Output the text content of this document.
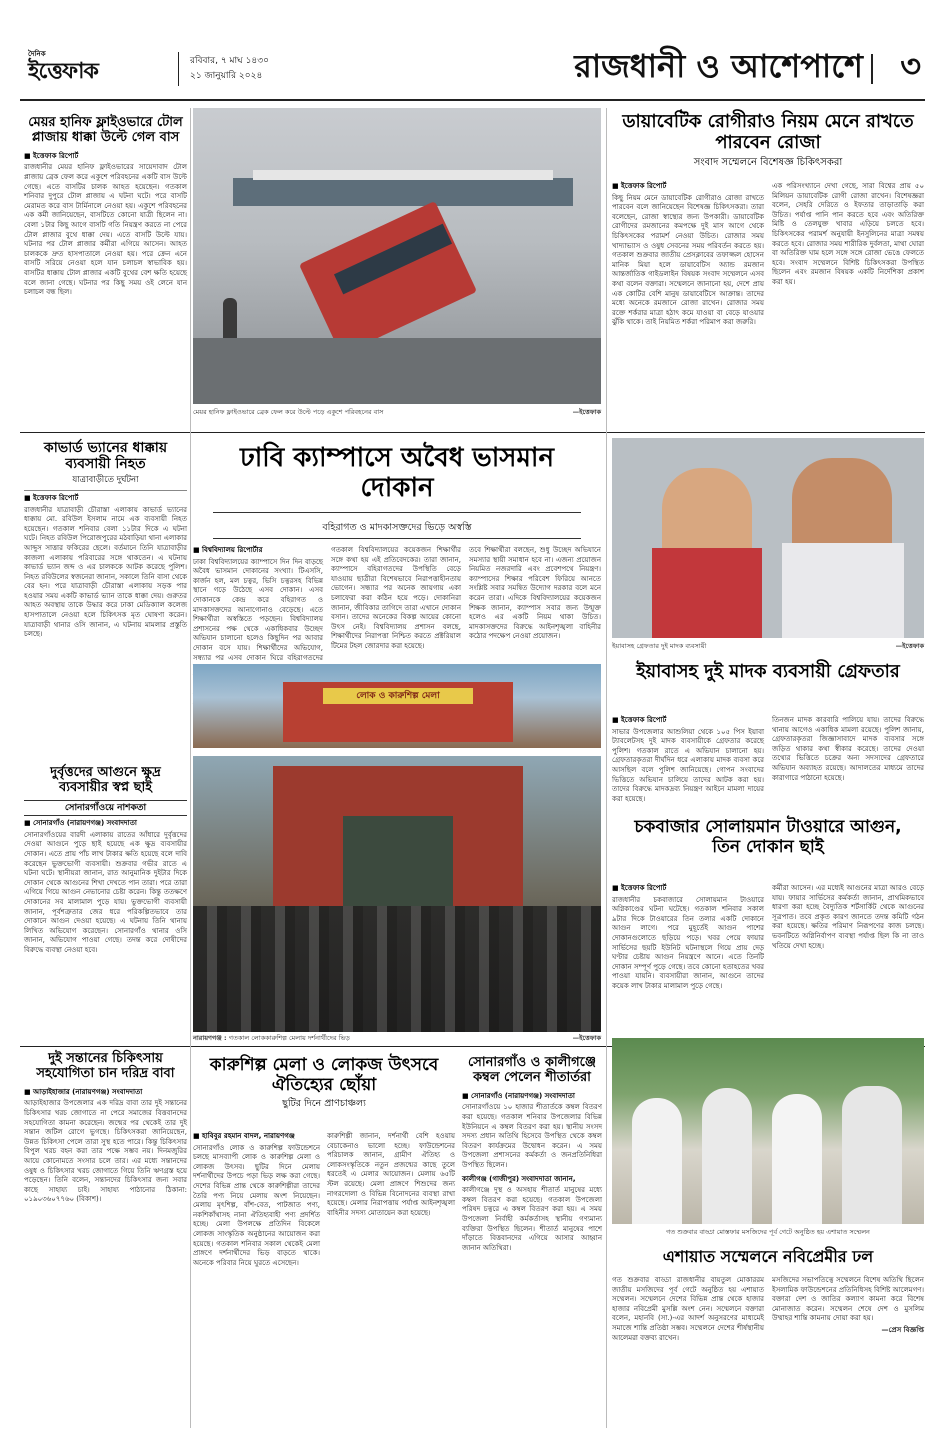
দৈনিক
ইত্তেফাক	রবিবার, ৭ মাঘ ১৪৩০
২১ জানুয়ারি ২০২৪	রাজধানী ও আশেপাশে ৩
মেয়র হানিফ ফ্লাইওভারে টোল প্লাজায় ধাক্কা উল্টে গেল বাস
■ ইত্তেফাক রিপোর্ট
রাজধানীর মেয়র হানিফ ফ্লাইওভারের সায়েদাবাদ টোল প্লাজায় ব্রেক ফেল করে একুশে পরিবহনের একটি বাস উল্টে গেছে। এতে বাসটির চালক আহত হয়েছেন। গতকাল শনিবার দুপুরে টোল প্লাজায় এ ঘটনা ঘটে। পরে বাসটি মেরামত করে বাস টার্মিনালে নেওয়া হয়। একুশে পরিবহনের এক কর্মী জানিয়েছেন, বাসটিতে কোনো যাত্রী ছিলেন না। বেলা ১টার কিছু আগে বাসটি গতি নিয়ন্ত্রণ করতে না পেরে টোল প্লাজার বুথে ধাক্কা দেয়। এতে বাসটি উল্টে যায়। ঘটনার পর টোল প্লাজার কর্মীরা এগিয়ে আসেন। আহত চালককে দ্রুত হাসপাতালে নেওয়া হয়। পরে ক্রেন এনে বাসটি সরিয়ে নেওয়া হলে যান চলাচল স্বাভাবিক হয়। বাসটির ধাক্কায় টোল প্লাজার একটি বুথের বেশ ক্ষতি হয়েছে বলে জানা গেছে। ঘটনার পর কিছু সময় ওই লেনে যান চলাচল বন্ধ ছিল।
মেয়র হানিফ ফ্লাইওভারে ব্রেক ফেল করে উল্টে পড়ে একুশে পরিবহনের বাস	—ইত্তেফাক
ডায়াবেটিক রোগীরাও নিয়ম মেনে রাখতে পারবেন রোজা
সংবাদ সম্মেলনে বিশেষজ্ঞ চিকিৎসকরা
■ ইত্তেফাক রিপোর্ট
কিছু নিয়ম মেনে ডায়াবেটিক রোগীরাও রোজা রাখতে পারবেন বলে জানিয়েছেন বিশেষজ্ঞ চিকিৎসকরা। তারা বলেছেন, রোজা স্বাস্থ্যের জন্য উপকারী। ডায়াবেটিক রোগীদের রমজানের কমপক্ষে দুই মাস আগে থেকে চিকিৎসকের পরামর্শ নেওয়া উচিত। রোজার সময় খাদ্যাভ্যাস ও ওষুধ সেবনের সময় পরিবর্তন করতে হয়। গতকাল শুক্রবার জাতীয় প্রেসক্লাবের তফাজ্জল হোসেন মানিক মিয়া হলে ডায়াবেটিস অ্যান্ড রমজান আন্তর্জাতিক গাইডলাইন বিষয়ক সংবাদ সম্মেলনে এসব কথা বলেন বক্তারা। সম্মেলনে জানানো হয়, দেশে প্রায় এক কোটির বেশি মানুষ ডায়াবেটিসে আক্রান্ত। তাদের মধ্যে অনেকে রমজানে রোজা রাখেন। রোজার সময় রক্তে শর্করার মাত্রা হঠাৎ কমে যাওয়া বা বেড়ে যাওয়ার ঝুঁকি থাকে। তাই নিয়মিত শর্করা পরিমাপ করা জরুরি।
এক পরিসংখ্যানে দেখা গেছে, সারা বিশ্বের প্রায় ৫০ মিলিয়ন ডায়াবেটিক রোগী রোজা রাখেন। বিশেষজ্ঞরা বলেন, সেহরি দেরিতে ও ইফতার তাড়াতাড়ি করা উচিত। পর্যাপ্ত পানি পান করতে হবে এবং অতিরিক্ত মিষ্টি ও তেলযুক্ত খাবার এড়িয়ে চলতে হবে। চিকিৎসকের পরামর্শ অনুযায়ী ইনসুলিনের মাত্রা সমন্বয় করতে হবে। রোজার সময় শারীরিক দুর্বলতা, মাথা ঘোরা বা অতিরিক্ত ঘাম হলে সঙ্গে সঙ্গে রোজা ভেঙে ফেলতে হবে। সংবাদ সম্মেলনে বিশিষ্ট চিকিৎসকরা উপস্থিত ছিলেন এবং রমজান বিষয়ক একটি নির্দেশিকা প্রকাশ করা হয়।
কাভার্ড ভ্যানের ধাক্কায় ব্যবসায়ী নিহত
যাত্রাবাড়ীতে দুর্ঘটনা
■ ইত্তেফাক রিপোর্ট
রাজধানীর যাত্রাবাড়ী চৌরাস্তা এলাকায় কাভার্ড ভ্যানের ধাক্কায় মো. রবিউল ইসলাম নামে এক ব্যবসায়ী নিহত হয়েছেন। গতকাল শনিবার বেলা ১১টার দিকে এ ঘটনা ঘটে। নিহত রবিউল পিরোজপুরের মঠবাড়িয়া থানা এলাকার আব্দুস সাত্তার ফকিরের ছেলে। বর্তমানে তিনি যাত্রাবাড়ীর কাজলা এলাকায় পরিবারের সঙ্গে থাকতেন। এ ঘটনায় কাভার্ড ভ্যান জব্দ ও এর চালককে আটক করেছে পুলিশ। নিহত রবিউলের স্বজনেরা জানান, সকালে তিনি বাসা থেকে বের হন। পরে যাত্রাবাড়ী চৌরাস্তা এলাকায় সড়ক পার হওয়ার সময় একটি কাভার্ড ভ্যান তাকে ধাক্কা দেয়। গুরুতর আহত অবস্থায় তাকে উদ্ধার করে ঢাকা মেডিক্যাল কলেজ হাসপাতালে নেওয়া হলে চিকিৎসক মৃত ঘোষণা করেন। যাত্রাবাড়ী থানার ওসি জানান, এ ঘটনায় মামলার প্রস্তুতি চলছে।
ঢাবি ক্যাম্পাসে অবৈধ ভাসমান দোকান
বহিরাগত ও মাদকাসক্তদের ভিড়ে অস্বস্তি
■ বিশ্ববিদ্যালয় রিপোর্টার
ঢাকা বিশ্ববিদ্যালয়ের ক্যাম্পাসে দিন দিন বাড়ছে অবৈধ ভাসমান দোকানের সংখ্যা। টিএসসি, কার্জন হল, মল চত্বর, ভিসি চত্বরসহ বিভিন্ন স্থানে গড়ে উঠেছে এসব দোকান। এসব দোকানকে কেন্দ্র করে বহিরাগত ও মাদকাসক্তদের আনাগোনাও বেড়েছে। এতে শিক্ষার্থীরা অস্বস্তিতে পড়ছেন। বিশ্ববিদ্যালয় প্রশাসনের পক্ষ থেকে একাধিকবার উচ্ছেদ অভিযান চালানো হলেও কিছুদিন পর আবার দোকান বসে যায়। শিক্ষার্থীদের অভিযোগ, সন্ধ্যার পর এসব দোকান ঘিরে বহিরাগতদের
গতকাল বিশ্ববিদ্যালয়ের কয়েকজন শিক্ষার্থীর সঙ্গে কথা হয় এই প্রতিবেদকের। তারা জানান, ক্যাম্পাসে বহিরাগতদের উপস্থিতি বেড়ে যাওয়ায় ছাত্রীরা বিশেষভাবে নিরাপত্তাহীনতায় ভোগেন। সন্ধ্যার পর অনেক জায়গায় একা চলাফেরা করা কঠিন হয়ে পড়ে। দোকানিরা জানান, জীবিকার তাগিদে তারা এখানে দোকান বসান। তাদের অনেকের বিকল্প আয়ের কোনো উৎস নেই। বিশ্ববিদ্যালয় প্রশাসন বলছে, শিক্ষার্থীদের নিরাপত্তা নিশ্চিত করতে প্রক্টরিয়াল টিমের টহল জোরদার করা হয়েছে।
তবে শিক্ষার্থীরা বলছেন, শুধু উচ্ছেদ অভিযানে সমস্যার স্থায়ী সমাধান হবে না। এজন্য প্রয়োজন নিয়মিত নজরদারি এবং প্রবেশপথে নিয়ন্ত্রণ। ক্যাম্পাসের শিক্ষার পরিবেশ ফিরিয়ে আনতে সংশ্লিষ্ট সবার সমন্বিত উদ্যোগ দরকার বলে মনে করেন তারা। এদিকে বিশ্ববিদ্যালয়ের কয়েকজন শিক্ষক জানান, ক্যাম্পাস সবার জন্য উন্মুক্ত হলেও এর একটি নিয়ম থাকা উচিত। মাদকাসক্তদের বিরুদ্ধে আইনশৃঙ্খলা বাহিনীর কঠোর পদক্ষেপ নেওয়া প্রয়োজন।
ইয়াবাসহ গ্রেফতার দুই মাদক ব্যবসায়ী	—ইত্তেফাক
লোক ও কারুশিল্প মেলা
নারায়ণগঞ্জ : গতকাল লোককারুশিল্প মেলায় দর্শনার্থীদের ভিড়	—ইত্তেফাক
ইয়াবাসহ দুই মাদক ব্যবসায়ী গ্রেফতার
■ ইত্তেফাক রিপোর্ট
সাভার উপজেলার আশুলিয়া থেকে ১০৫ পিস ইয়াবা ট্যাবলেটসহ দুই মাদক ব্যবসায়ীকে গ্রেফতার করেছে পুলিশ। গতকাল রাতে এ অভিযান চালানো হয়। গ্রেফতারকৃতরা দীর্ঘদিন ধরে এলাকায় মাদক ব্যবসা করে আসছিল বলে পুলিশ জানিয়েছে। গোপন সংবাদের ভিত্তিতে অভিযান চালিয়ে তাদের আটক করা হয়। তাদের বিরুদ্ধে মাদকদ্রব্য নিয়ন্ত্রণ আইনে মামলা দায়ের করা হয়েছে।
তিনজন মাদক কারবারি পালিয়ে যায়। তাদের বিরুদ্ধে থানায় আগেও একাধিক মামলা রয়েছে। পুলিশ জানায়, গ্রেফতারকৃতরা জিজ্ঞাসাবাদে মাদক ব্যবসার সঙ্গে জড়িত থাকার কথা স্বীকার করেছে। তাদের দেওয়া তথ্যের ভিত্তিতে চক্রের অন্য সদস্যদের গ্রেফতারে অভিযান অব্যাহত রয়েছে। আদালতের মাধ্যমে তাদের কারাগারে পাঠানো হয়েছে।
দুর্বৃত্তদের আগুনে ক্ষুদ্র ব্যবসায়ীর স্বপ্ন ছাই
সোনারগাঁওয়ে নাশকতা
■ সোনারগাঁও (নারায়ণগঞ্জ) সংবাদদাতা
সোনারগাঁওয়ের বারদী এলাকায় রাতের আঁধারে দুর্বৃত্তদের দেওয়া আগুনে পুড়ে ছাই হয়েছে এক ক্ষুদ্র ব্যবসায়ীর দোকান। এতে প্রায় পাঁচ লাখ টাকার ক্ষতি হয়েছে বলে দাবি করেছেন ভুক্তভোগী ব্যবসায়ী। শুক্রবার গভীর রাতে এ ঘটনা ঘটে। স্থানীয়রা জানান, রাত আনুমানিক দুইটার দিকে দোকান থেকে আগুনের শিখা দেখতে পান তারা। পরে তারা এগিয়ে গিয়ে আগুন নেভানোর চেষ্টা করেন। কিন্তু ততক্ষণে দোকানের সব মালামাল পুড়ে যায়। ভুক্তভোগী ব্যবসায়ী জানান, পূর্বশত্রুতার জের ধরে পরিকল্পিতভাবে তার দোকানে আগুন দেওয়া হয়েছে। এ ঘটনায় তিনি থানায় লিখিত অভিযোগ করেছেন। সোনারগাঁও থানার ওসি জানান, অভিযোগ পাওয়া গেছে। তদন্ত করে দোষীদের বিরুদ্ধে ব্যবস্থা নেওয়া হবে।
চকবাজার সোলায়মান টাওয়ারে আগুন, তিন দোকান ছাই
■ ইত্তেফাক রিপোর্ট
রাজধানীর চকবাজারে সোলায়মান টাওয়ারে অগ্নিকাণ্ডের ঘটনা ঘটেছে। গতকাল শনিবার সকাল ৯টার দিকে টাওয়ারের তিন তলার একটি দোকানে আগুন লাগে। পরে মুহূর্তেই আগুন পাশের দোকানগুলোতে ছড়িয়ে পড়ে। খবর পেয়ে ফায়ার সার্ভিসের ছয়টি ইউনিট ঘটনাস্থলে গিয়ে প্রায় দেড় ঘণ্টার চেষ্টায় আগুন নিয়ন্ত্রণে আনে। এতে তিনটি দোকান সম্পূর্ণ পুড়ে গেছে। তবে কোনো হতাহতের খবর পাওয়া যায়নি। ব্যবসায়ীরা জানান, আগুনে তাদের কয়েক লাখ টাকার মালামাল পুড়ে গেছে।
কর্মীরা আসেন। এর মধ্যেই আগুনের মাত্রা আরও বেড়ে যায়। ফায়ার সার্ভিসের কর্মকর্তা জানান, প্রাথমিকভাবে ধারণা করা হচ্ছে বৈদ্যুতিক শর্টসার্কিট থেকে আগুনের সূত্রপাত। তবে প্রকৃত কারণ জানতে তদন্ত কমিটি গঠন করা হয়েছে। ক্ষতির পরিমাণ নিরূপণের কাজ চলছে। ভবনটিতে অগ্নিনির্বাপণ ব্যবস্থা পর্যাপ্ত ছিল কি না তাও খতিয়ে দেখা হচ্ছে।
দুই সন্তানের চিকিৎসায় সহযোগিতা চান দরিদ্র বাবা
■ আড়াইহাজার (নারায়ণগঞ্জ) সংবাদদাতা
আড়াইহাজার উপজেলার এক দরিদ্র বাবা তার দুই সন্তানের চিকিৎসার খরচ জোগাতে না পেরে সমাজের বিত্তবানদের সহযোগিতা কামনা করেছেন। জন্মের পর থেকেই তার দুই সন্তান জটিল রোগে ভুগছে। চিকিৎসকরা জানিয়েছেন, উন্নত চিকিৎসা পেলে তারা সুস্থ হতে পারে। কিন্তু চিকিৎসার বিপুল খরচ বহন করা তার পক্ষে সম্ভব নয়। দিনমজুরির আয়ে কোনোমতে সংসার চলে তার। এর মধ্যে সন্তানদের ওষুধ ও চিকিৎসার খরচ জোগাতে গিয়ে তিনি ঋণগ্রস্ত হয়ে পড়েছেন। তিনি বলেন, সন্তানদের চিকিৎসার জন্য সবার কাছে সাহায্য চাই। সাহায্য পাঠানোর ঠিকানা: ০১৯০৩৬০৭৭৬০ (বিকাশ)।
কারুশিল্প মেলা ও লোকজ উৎসবে ঐতিহ্যের ছোঁয়া
ছুটির দিনে প্রাণচাঞ্চল্য
■ হাবিবুর রহমান বাদল, নারায়ণগঞ্জ
সোনারগাঁও লোক ও কারুশিল্প ফাউন্ডেশনে চলছে মাসব্যাপী লোক ও কারুশিল্প মেলা ও লোকজ উৎসব। ছুটির দিনে মেলায় দর্শনার্থীদের উপচে পড়া ভিড় লক্ষ করা গেছে। দেশের বিভিন্ন প্রান্ত থেকে কারুশিল্পীরা তাদের তৈরি পণ্য নিয়ে মেলায় অংশ নিয়েছেন। মেলায় মৃৎশিল্প, বাঁশ-বেত, পাটজাত পণ্য, নকশিকাঁথাসহ নানা ঐতিহ্যবাহী পণ্য প্রদর্শিত হচ্ছে। মেলা উপলক্ষে প্রতিদিন বিকেলে লোকজ সাংস্কৃতিক অনুষ্ঠানের আয়োজন করা হয়েছে। গতকাল শনিবার সকাল থেকেই মেলা প্রাঙ্গণে দর্শনার্থীদের ভিড় বাড়তে থাকে। অনেকে পরিবার নিয়ে ঘুরতে এসেছেন।
কারুশিল্পী জানান, দর্শনার্থী বেশি হওয়ায় বেচাকেনাও ভালো হচ্ছে। ফাউন্ডেশনের পরিচালক জানান, গ্রামীণ ঐতিহ্য ও লোকসংস্কৃতিকে নতুন প্রজন্মের কাছে তুলে ধরতেই এ মেলার আয়োজন। মেলায় ৬৫টি স্টল রয়েছে। মেলা প্রাঙ্গণে শিশুদের জন্য নাগরদোলা ও বিভিন্ন বিনোদনের ব্যবস্থা রাখা হয়েছে। মেলার নিরাপত্তায় পর্যাপ্ত আইনশৃঙ্খলা বাহিনীর সদস্য মোতায়েন করা হয়েছে।
সোনারগাঁও ও কালীগঞ্জে কম্বল পেলেন শীতার্তরা
■ সোনারগাঁও (নারায়ণগঞ্জ) সংবাদদাতা
সোনারগাঁওয়ে ১০ হাজার শীতার্তকে কম্বল বিতরণ করা হয়েছে। গতকাল শনিবার উপজেলার বিভিন্ন ইউনিয়নে এ কম্বল বিতরণ করা হয়। স্থানীয় সংসদ সদস্য প্রধান অতিথি হিসেবে উপস্থিত থেকে কম্বল বিতরণ কার্যক্রমের উদ্বোধন করেন। এ সময় উপজেলা প্রশাসনের কর্মকর্তা ও জনপ্রতিনিধিরা উপস্থিত ছিলেন।
কালীগঞ্জ (গাজীপুর) সংবাদদাতা জানান,
কালীগঞ্জে দুস্থ ও অসহায় শীতার্ত মানুষের মধ্যে কম্বল বিতরণ করা হয়েছে। গতকাল উপজেলা পরিষদ চত্বরে এ কম্বল বিতরণ করা হয়। এ সময় উপজেলা নির্বাহী কর্মকর্তাসহ স্থানীয় গণ্যমান্য ব্যক্তিরা উপস্থিত ছিলেন। শীতার্ত মানুষের পাশে দাঁড়াতে বিত্তবানদের এগিয়ে আসার আহ্বান জানান অতিথিরা।
গত শুক্রবার বাড্ডা মোস্তফার মসজিদের পূর্ব গেটে অনুষ্ঠিত হয় এশায়াত সম্মেলন
এশায়াত সম্মেলনে নবিপ্রেমীর ঢল
গত শুক্রবার বাড্ডা রাজধানীর বায়তুল মোকাররম জাতীয় মসজিদের পূর্ব গেটে অনুষ্ঠিত হয় এশায়াত সম্মেলন। সম্মেলনে দেশের বিভিন্ন প্রান্ত থেকে হাজার হাজার নবিপ্রেমী মুসল্লি অংশ নেন। সম্মেলনে বক্তারা বলেন, মহানবি (সা.)-এর আদর্শ অনুসরণের মাধ্যমেই সমাজে শান্তি প্রতিষ্ঠা সম্ভব। সম্মেলনে দেশের শীর্ষস্থানীয় আলেমরা বক্তব্য রাখেন।
মসজিদের সভাপতিত্বে সম্মেলনে বিশেষ অতিথি ছিলেন ইসলামিক ফাউন্ডেশনের প্রতিনিধিসহ বিশিষ্ট আলেমগণ। বক্তারা দেশ ও জাতির কল্যাণ কামনা করে বিশেষ মোনাজাত করেন। সম্মেলন শেষে দেশ ও মুসলিম উম্মাহর শান্তি কামনায় দোয়া করা হয়।
—প্রেস বিজ্ঞপ্তি
